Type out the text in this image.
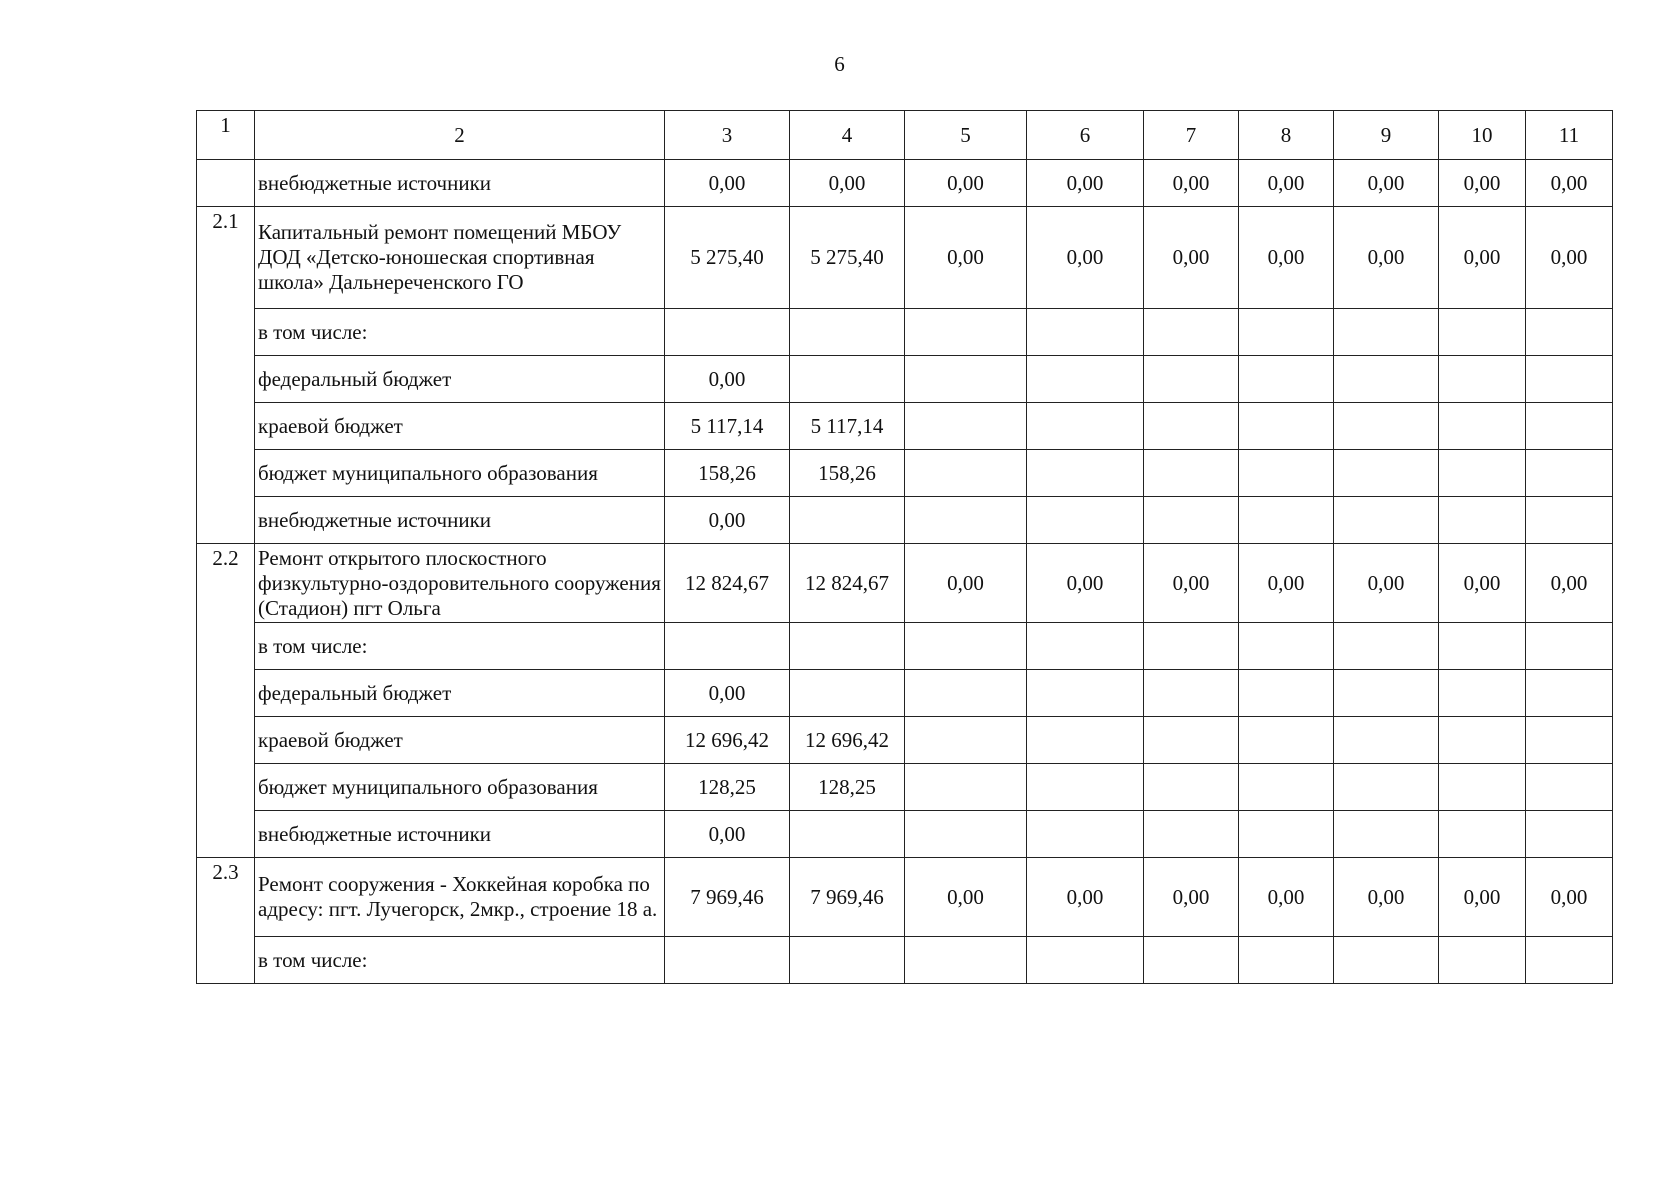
6
1	2	3	4	5	6	7	8	9	10	11
	внебюджетные источники	0,00	0,00	0,00	0,00	0,00	0,00	0,00	0,00	0,00
2.1	Капитальный ремонт помещений МБОУ ДОД «Детско-юношеская спортивная школа» Дальнереченского ГО	5 275,40	5 275,40	0,00	0,00	0,00	0,00	0,00	0,00	0,00
	в том числе:									
	федеральный бюджет	0,00								
	краевой бюджет	5 117,14	5 117,14							
	бюджет муниципального образования	158,26	158,26							
	внебюджетные источники	0,00								
2.2	Ремонт открытого плоскостного физкультурно-оздоровительного сооружения (Стадион) пгт Ольга	12 824,67	12 824,67	0,00	0,00	0,00	0,00	0,00	0,00	0,00
	в том числе:									
	федеральный бюджет	0,00								
	краевой бюджет	12 696,42	12 696,42							
	бюджет муниципального образования	128,25	128,25							
	внебюджетные источники	0,00								
2.3	Ремонт сооружения - Хоккейная коробка по адресу: пгт. Лучегорск, 2мкр., строение 18 а.	7 969,46	7 969,46	0,00	0,00	0,00	0,00	0,00	0,00	0,00
	в том числе:									
